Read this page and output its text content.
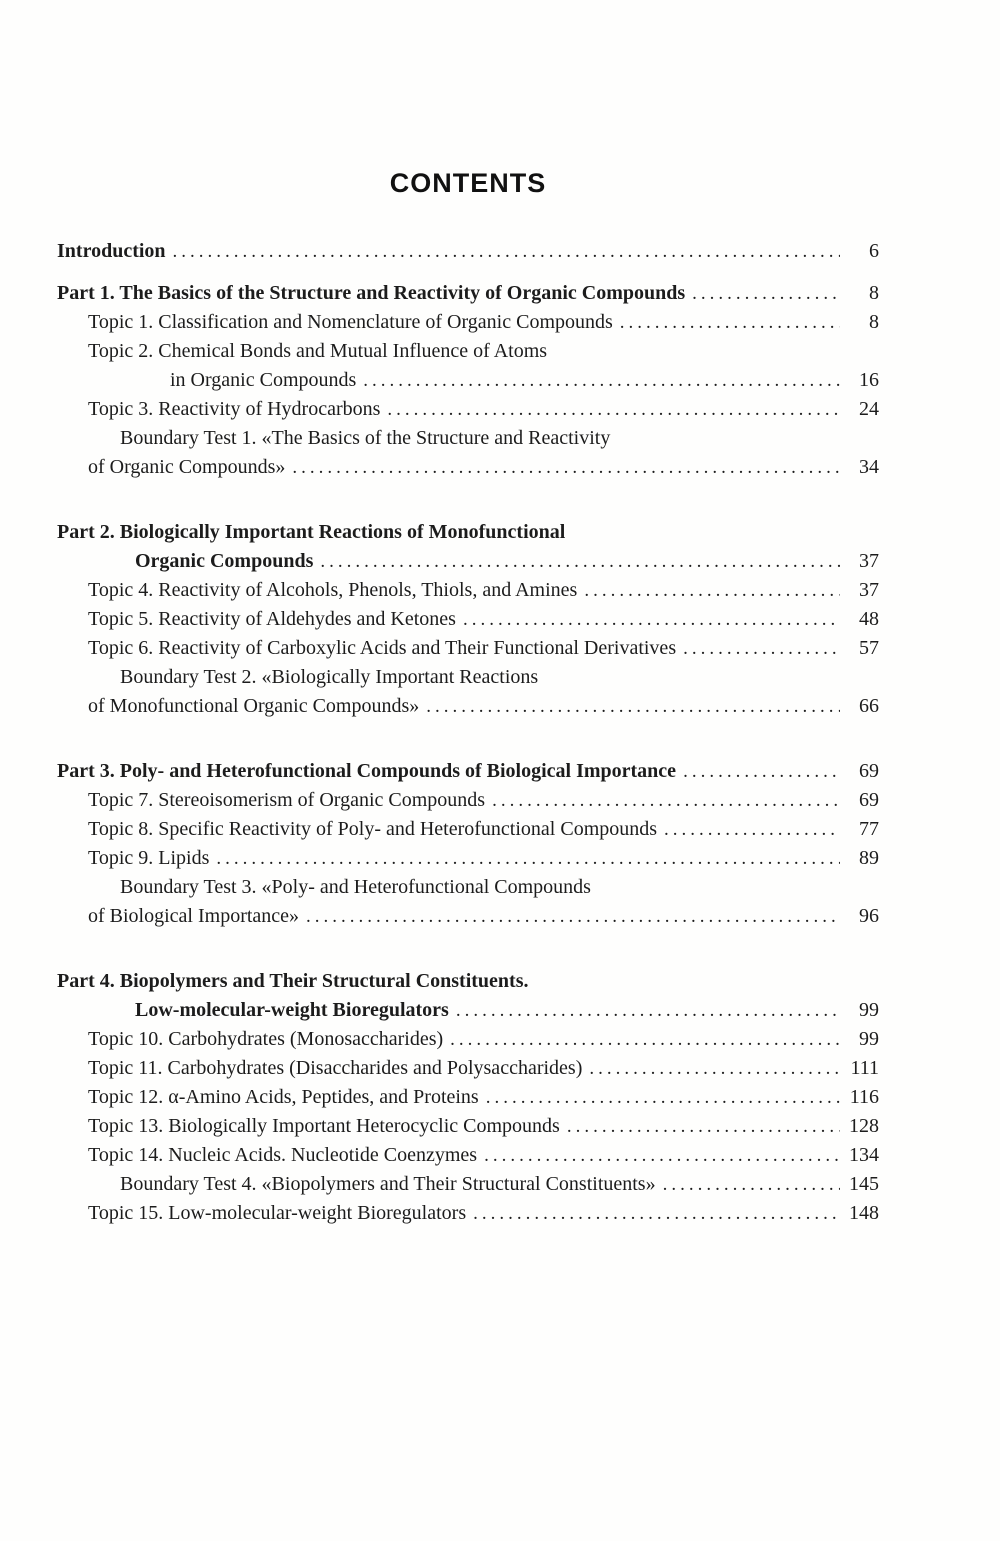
CONTENTS
Introduction .....	6
Part 1. The Basics of the Structure and Reactivity of Organic Compounds .....	8
Topic 1. Classification and Nomenclature of Organic Compounds .....	8
Topic 2. Chemical Bonds and Mutual Influence of Atoms
in Organic Compounds .....	16
Topic 3. Reactivity of Hydrocarbons .....	24
Boundary Test 1. «The Basics of the Structure and Reactivity
of Organic Compounds» .....	34
Part 2. Biologically Important Reactions of Monofunctional
Organic Compounds .....	37
Topic 4. Reactivity of Alcohols, Phenols, Thiols, and Amines .....	37
Topic 5. Reactivity of Aldehydes and Ketones .....	48
Topic 6. Reactivity of Carboxylic Acids and Their Functional Derivatives .....	57
Boundary Test 2. «Biologically Important Reactions
of Monofunctional Organic Compounds» .....	66
Part 3. Poly- and Heterofunctional Compounds of Biological Importance .....	69
Topic 7. Stereoisomerism of Organic Compounds .....	69
Topic 8. Specific Reactivity of Poly- and Heterofunctional Compounds .....	77
Topic 9. Lipids .....	89
Boundary Test 3. «Poly- and Heterofunctional Compounds
of Biological Importance» .....	96
Part 4. Biopolymers and Their Structural Constituents.
Low-molecular-weight Bioregulators .....	99
Topic 10. Carbohydrates (Monosaccharides) .....	99
Topic 11. Carbohydrates (Disaccharides and Polysaccharides) .....	111
Topic 12. α-Amino Acids, Peptides, and Proteins .....	116
Topic 13. Biologically Important Heterocyclic Compounds .....	128
Topic 14. Nucleic Acids. Nucleotide Coenzymes .....	134
Boundary Test 4. «Biopolymers and Their Structural Constituents» .....	145
Topic 15. Low-molecular-weight Bioregulators .....	148
